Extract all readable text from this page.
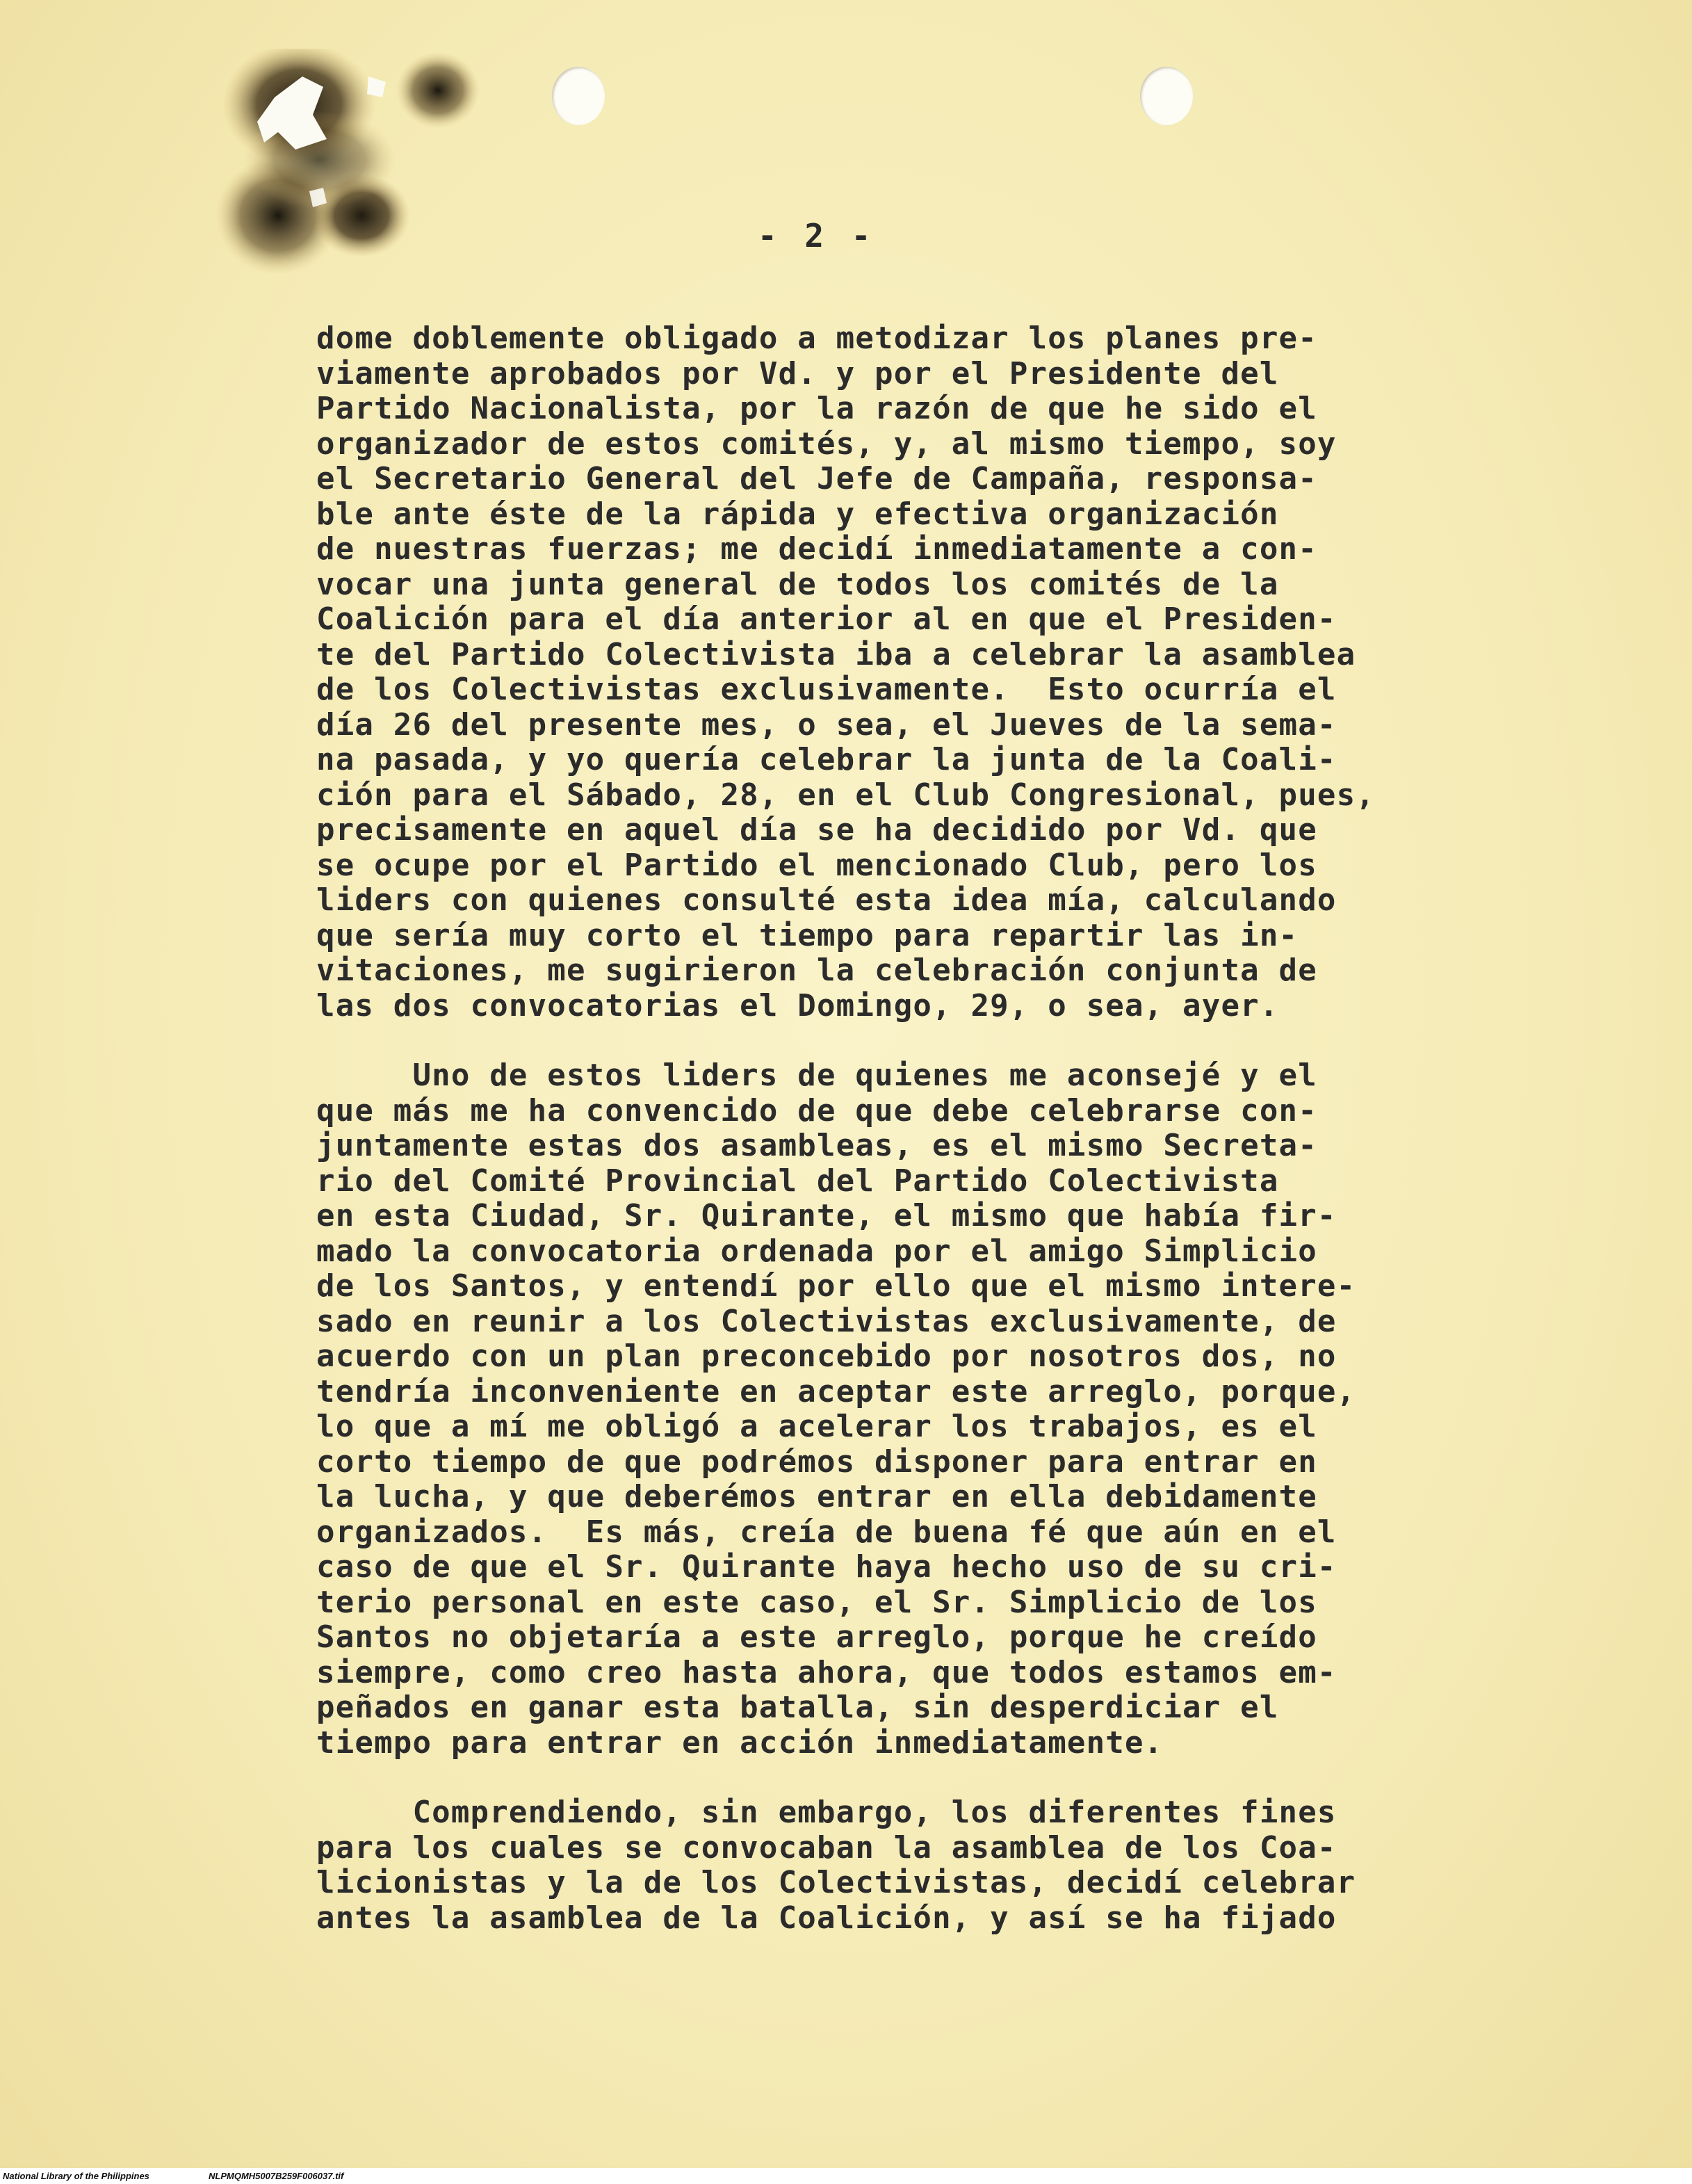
- 2 -
dome doblemente obligado a metodizar los planes pre-
viamente aprobados por Vd. y por el Presidente del
Partido Nacionalista, por la razón de que he sido el
organizador de estos comités, y, al mismo tiempo, soy
el Secretario General del Jefe de Campaña, responsa-
ble ante éste de la rápida y efectiva organización
de nuestras fuerzas; me decidí inmediatamente a con-
vocar una junta general de todos los comités de la
Coalición para el día anterior al en que el Presiden-
te del Partido Colectivista iba a celebrar la asamblea
de los Colectivistas exclusivamente.  Esto ocurría el
día 26 del presente mes, o sea, el Jueves de la sema-
na pasada, y yo quería celebrar la junta de la Coali-
ción para el Sábado, 28, en el Club Congresional, pues,
precisamente en aquel día se ha decidido por Vd. que
se ocupe por el Partido el mencionado Club, pero los
liders con quienes consulté esta idea mía, calculando
que sería muy corto el tiempo para repartir las in-
vitaciones, me sugirieron la celebración conjunta de
las dos convocatorias el Domingo, 29, o sea, ayer.
Uno de estos liders de quienes me aconsejé y el
que más me ha convencido de que debe celebrarse con-
juntamente estas dos asambleas, es el mismo Secreta-
rio del Comité Provincial del Partido Colectivista
en esta Ciudad, Sr. Quirante, el mismo que había fir-
mado la convocatoria ordenada por el amigo Simplicio
de los Santos, y entendí por ello que el mismo intere-
sado en reunir a los Colectivistas exclusivamente, de
acuerdo con un plan preconcebido por nosotros dos, no
tendría inconveniente en aceptar este arreglo, porque,
lo que a mí me obligó a acelerar los trabajos, es el
corto tiempo de que podrémos disponer para entrar en
la lucha, y que deberémos entrar en ella debidamente
organizados.  Es más, creía de buena fé que aún en el
caso de que el Sr. Quirante haya hecho uso de su cri-
terio personal en este caso, el Sr. Simplicio de los
Santos no objetaría a este arreglo, porque he creído
siempre, como creo hasta ahora, que todos estamos em-
peñados en ganar esta batalla, sin desperdiciar el
tiempo para entrar en acción inmediatamente.
Comprendiendo, sin embargo, los diferentes fines
para los cuales se convocaban la asamblea de los Coa-
licionistas y la de los Colectivistas, decidí celebrar
antes la asamblea de la Coalición, y así se ha fijado
National Library of the Philippines	NLPMQMH5007B259F006037.tif
